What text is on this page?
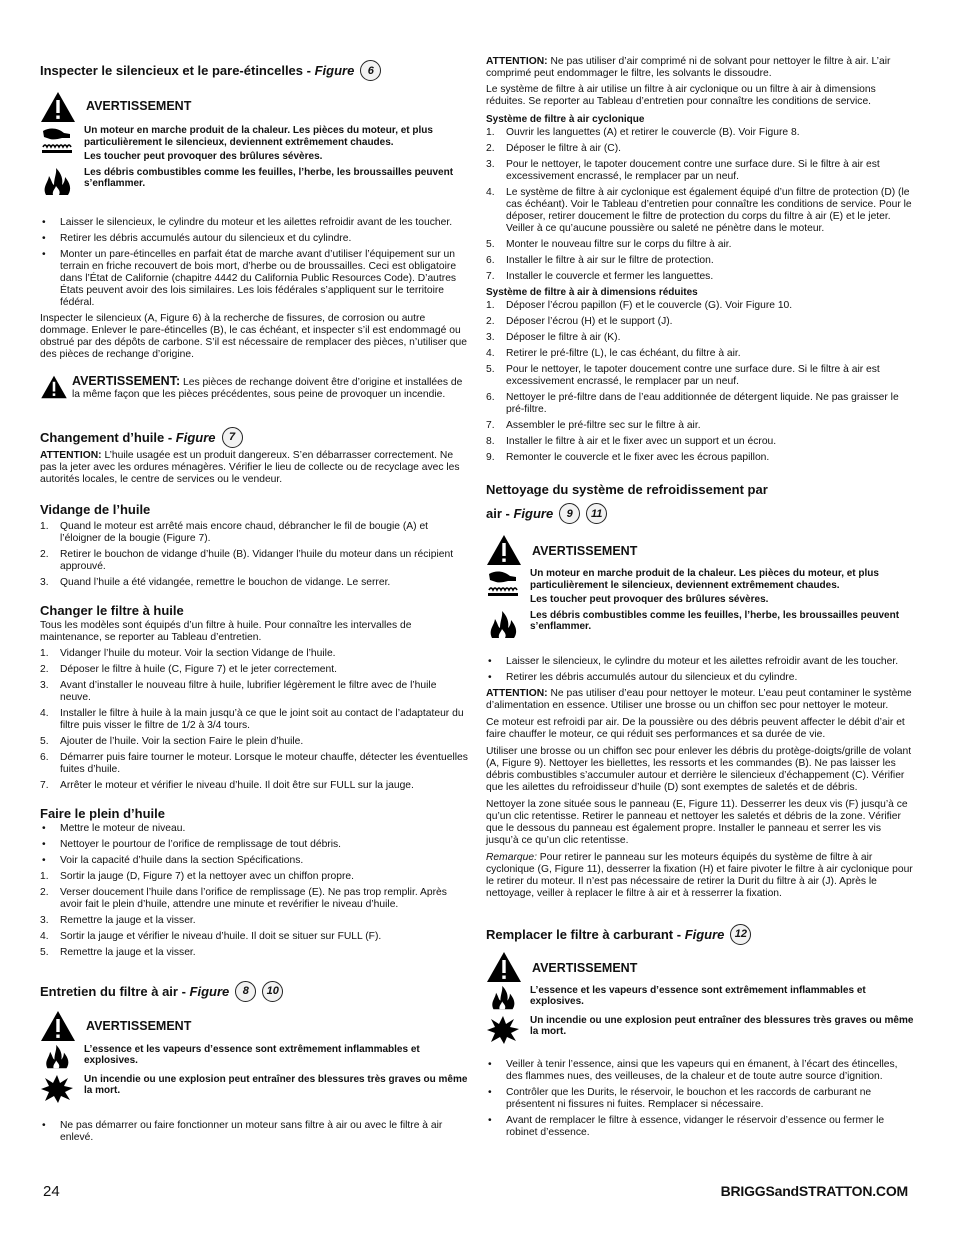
Inspecter le silencieux et le pare-étincelles - Figure	6
AVERTISSEMENT

Un moteur en marche produit de la chaleur. Les pièces du moteur, et plus particulièrement le silencieux, deviennent extrêmement chaudes.

Les toucher peut provoquer des brûlures sévères.

Les débris combustibles comme les feuilles, l’herbe, les broussailles peuvent s’enflammer.

• Laisser le silencieux, le cylindre du moteur et les ailettes refroidir avant de les toucher.
• Retirer les débris accumulés autour du silencieux et du cylindre.
• Monter un pare-étincelles en parfait état de marche avant d’utiliser l’équipement sur un terrain en friche recouvert de bois mort, d’herbe ou de broussailles. Ceci est obligatoire dans l’État de Californie (chapitre 4442 du California Public Resources Code). D’autres États peuvent avoir des lois similaires. Les lois fédérales s’appliquent sur le territoire fédéral.

Inspecter le silencieux (A, Figure 6) à la recherche de fissures, de corrosion ou autre dommage. Enlever le pare-étincelles (B), le cas échéant, et inspecter s’il est endommagé ou obstrué par des dépôts de carbone. S’il est nécessaire de remplacer des pièces, n’utiliser que des pièces de rechange d’origine.

AVERTISSEMENT: Les pièces de rechange doivent être d’origine et installées de la même façon que les pièces précédentes, sous peine de provoquer un incendie.

Changement d’huile - Figure	7

ATTENTION: L’huile usagée est un produit dangereux. S’en débarrasser correctement. Ne pas la jeter avec les ordures ménagères. Vérifier le lieu de collecte ou de recyclage avec les autorités locales, le centre de services ou le vendeur.

Vidange de l’huile
1. Quand le moteur est arrêté mais encore chaud, débrancher le fil de bougie (A) et l’éloigner de la bougie (Figure 7).
2. Retirer le bouchon de vidange d’huile (B). Vidanger l’huile du moteur dans un récipient approuvé.
3. Quand l’huile a été vidangée, remettre le bouchon de vidange. Le serrer.
Changer le filtre à huile

Tous les modèles sont équipés d’un filtre à huile. Pour connaître les intervalles de maintenance, se reporter au Tableau d’entretien.

1. Vidanger l’huile du moteur. Voir la section Vidange de l’huile.
2. Déposer le filtre à huile (C, Figure 7) et le jeter correctement.
3. Avant d’installer le nouveau filtre à huile, lubrifier légèrement le filtre avec de l’huile neuve.
4. Installer le filtre à huile à la main jusqu’à ce que le joint soit au contact de l’adaptateur du filtre puis visser le filtre de 1/2 à 3/4 tours.
5. Ajouter de l’huile. Voir la section Faire le plein d’huile.
6. Démarrer puis faire tourner le moteur. Lorsque le moteur chauffe, détecter les éventuelles fuites d’huile.
7. Arrêter le moteur et vérifier le niveau d’huile. Il doit être sur FULL sur la jauge.
Faire le plein d’huile
• Mettre le moteur de niveau.
• Nettoyer le pourtour de l’orifice de remplissage de tout débris.
• Voir la capacité d’huile dans la section Spécifications.
1. Sortir la jauge (D, Figure 7) et la nettoyer avec un chiffon propre.
2. Verser doucement l’huile dans l’orifice de remplissage (E). Ne pas trop remplir. Après avoir fait le plein d’huile, attendre une minute et revérifier le niveau d’huile.
3. Remettre la jauge et la visser.
4. Sortir la jauge et vérifier le niveau d’huile. Il doit se situer sur FULL (F).
5. Remettre la jauge et la visser.
Entretien du filtre à air - Figure	8	10
AVERTISSEMENT

L’essence et les vapeurs d’essence sont extrêmement inflammables et explosives.

Un incendie ou une explosion peut entraîner des blessures très graves ou même la mort.

• Ne pas démarrer ou faire fonctionner un moteur sans filtre à air ou avec le filtre à air enlevé.

ATTENTION: Ne pas utiliser d’air comprimé ni de solvant pour nettoyer le filtre à air. L’air comprimé peut endommager le filtre, les solvants le dissoudre.

Le système de filtre à air utilise un filtre à air cyclonique ou un filtre à air à dimensions réduites. Se reporter au Tableau d’entretien pour connaître les conditions de service.

Système de filtre à air cyclonique

1. Ouvrir les languettes (A) et retirer le couvercle (B). Voir Figure 8.
2. Déposer le filtre à air (C).
3. Pour le nettoyer, le tapoter doucement contre une surface dure. Si le filtre à air est excessivement encrassé, le remplacer par un neuf.
4. Le système de filtre à air cyclonique est également équipé d’un filtre de protection (D) (le cas échéant). Voir le Tableau d’entretien pour connaître les conditions de service. Pour le déposer, retirer doucement le filtre de protection du corps du filtre à air (E) et le jeter. Veiller à ce qu’aucune poussière ou saleté ne pénètre dans le moteur.
5. Monter le nouveau filtre sur le corps du filtre à air.
6. Installer le filtre à air sur le filtre de protection.
7. Installer le couvercle et fermer les languettes.

Système de filtre à air à dimensions réduites

1. Déposer l’écrou papillon (F) et le couvercle (G). Voir Figure 10.
2. Déposer l’écrou (H) et le support (J).
3. Déposer le filtre à air (K).
4. Retirer le pré-filtre (L), le cas échéant, du filtre à air.
5. Pour le nettoyer, le tapoter doucement contre une surface dure. Si le filtre à air est excessivement encrassé, le remplacer par un neuf.
6. Nettoyer le pré-filtre dans de l’eau additionnée de détergent liquide. Ne pas graisser le pré-filtre.
7. Assembler le pré-filtre sec sur le filtre à air.
8. Installer le filtre à air et le fixer avec un support et un écrou.
9. Remonter le couvercle et le fixer avec les écrous papillon.
Nettoyage du système de refroidissement par
air - Figure	9	11
AVERTISSEMENT

Un moteur en marche produit de la chaleur. Les pièces du moteur, et plus particulièrement le silencieux, deviennent extrêmement chaudes.

Les toucher peut provoquer des brûlures sévères.

Les débris combustibles comme les feuilles, l’herbe, les broussailles peuvent s’enflammer.

• Laisser le silencieux, le cylindre du moteur et les ailettes refroidir avant de les toucher.
• Retirer les débris accumulés autour du silencieux et du cylindre.

ATTENTION: Ne pas utiliser d’eau pour nettoyer le moteur. L’eau peut contaminer le système d’alimentation en essence. Utiliser une brosse ou un chiffon sec pour nettoyer le moteur.

Ce moteur est refroidi par air. De la poussière ou des débris peuvent affecter le débit d’air et faire chauffer le moteur, ce qui réduit ses performances et sa durée de vie.

Utiliser une brosse ou un chiffon sec pour enlever les débris du protège-doigts/grille de volant (A, Figure 9). Nettoyer les biellettes, les ressorts et les commandes (B). Ne pas laisser les débris combustibles s’accumuler autour et derrière le silencieux d’échappement (C). Vérifier que les ailettes du refroidisseur d’huile (D) sont exemptes de saletés et de débris.

Nettoyer la zone située sous le panneau (E, Figure 11). Desserrer les deux vis (F) jusqu’à ce qu’un clic retentisse. Retirer le panneau et nettoyer les saletés et débris de la zone. Vérifier que le dessous du panneau est également propre. Installer le panneau et serrer les vis jusqu’à ce qu’un clic retentisse.

Remarque: Pour retirer le panneau sur les moteurs équipés du système de filtre à air cyclonique (G, Figure 11), desserrer la fixation (H) et faire pivoter le filtre à air cyclonique pour le retirer du moteur. Il n’est pas nécessaire de retirer la Durit du filtre à air (J). Après le nettoyage, veiller à replacer le filtre à air et à resserrer la fixation.

Remplacer le filtre à carburant - Figure 12
AVERTISSEMENT

L’essence et les vapeurs d’essence sont extrêmement inflammables et explosives.

Un incendie ou une explosion peut entraîner des blessures très graves ou même la mort.

• Veiller à tenir l’essence, ainsi que les vapeurs qui en émanent, à l’écart des étincelles, des flammes nues, des veilleuses, de la chaleur et de toute autre source d’ignition.
• Contrôler que les Durits, le réservoir, le bouchon et les raccords de carburant ne présentent ni fissures ni fuites. Remplacer si nécessaire.
• Avant de remplacer le filtre à essence, vidanger le réservoir d’essence ou fermer le robinet d’essence.
24	BRIGGSandSTRATTON.COM
